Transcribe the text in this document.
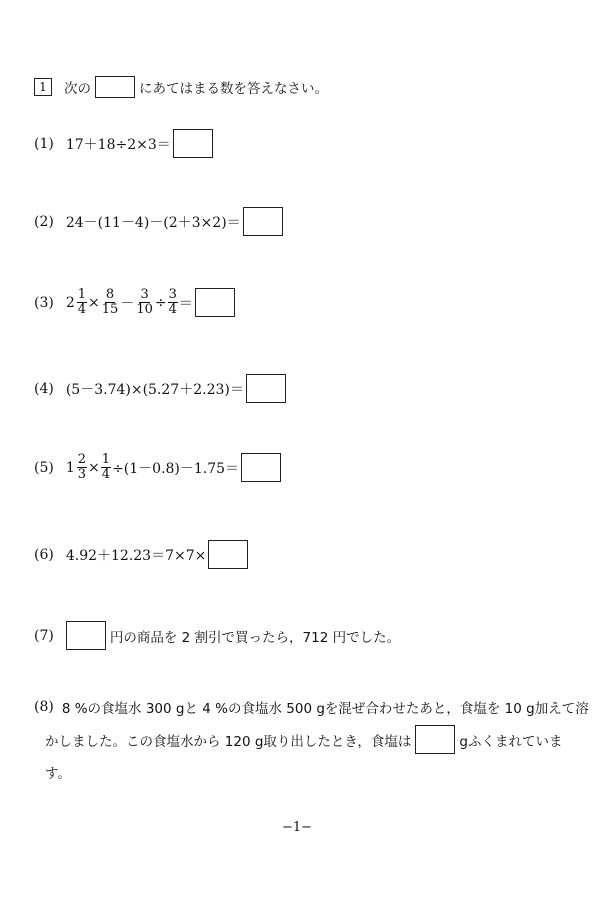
1	次の	にあてはまる数を答えなさい。
(1) 17＋18÷2×3＝
(2) 24－(11－4)－(2＋3×2)＝
(3) $2 \frac{1}{4} \times \frac{8}{15} - \frac{3}{10} \div \frac{3}{4}$ ＝
(4) (5－3.74)×(5.27＋2.23)＝
(5) $1 \frac{2}{3} \times \frac{1}{4} \div(1-0.8)-1.75=$
(6) 4.92＋12.23＝7×7×
(7)	円の商品を 2 割引で買ったら，712 円でした。
(8) 8 %の食塩水 300 gと 4 %の食塩水 500 gを混ぜ合わせたあと，食塩を 10 g加えて溶
かしました。この食塩水から 120 g取り出したとき，食塩は	gふくまれていま
す。
−1−
